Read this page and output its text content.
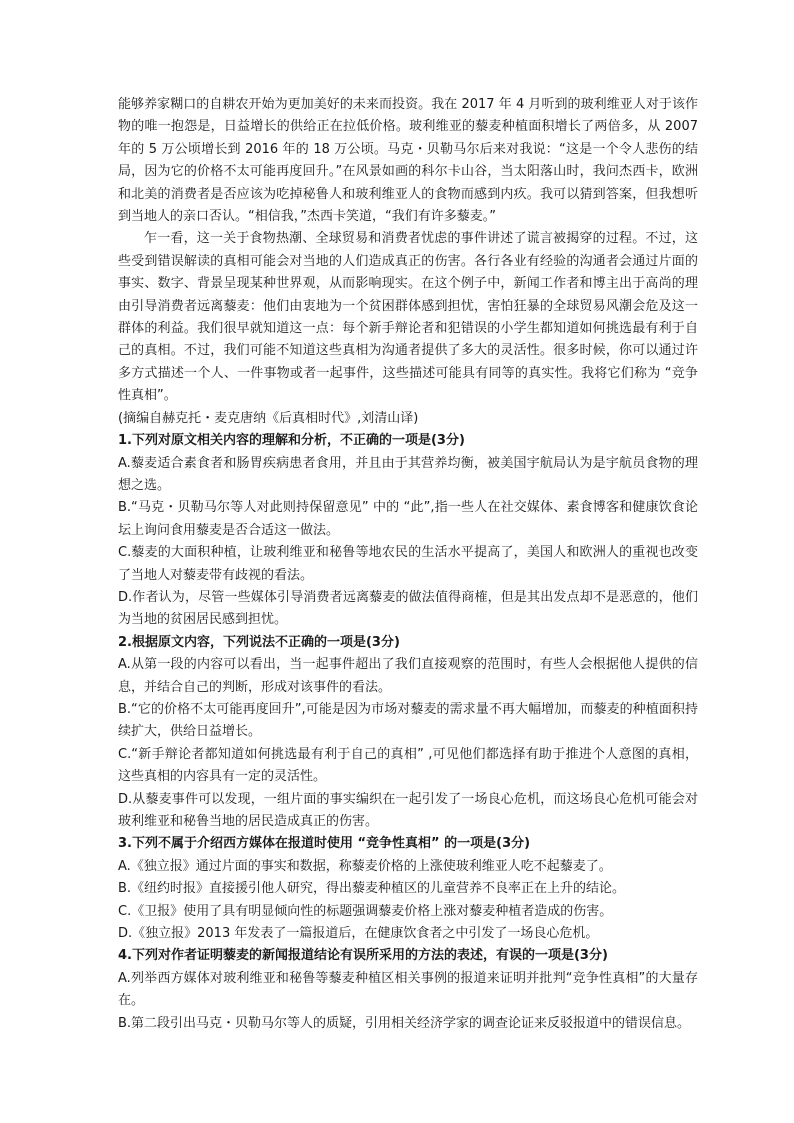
能够养家糊口的自耕农开始为更加美好的未来而投资。我在 2017 年 4 月听到的玻利维亚人对于该作物的唯一抱怨是，日益增长的供给正在拉低价格。玻利维亚的藜麦种植面积增长了两倍多，从 2007 年的 5 万公顷增长到 2016 年的 18 万公顷。马克・贝勒马尔后来对我说：“这是一个令人悲伤的结局，因为它的价格不太可能再度回升。”在风景如画的科尔卡山谷，当太阳落山时，我问杰西卡，欧洲和北美的消费者是否应该为吃掉秘鲁人和玻利维亚人的食物而感到内疚。我可以猜到答案，但我想听到当地人的亲口否认。“相信我，”杰西卡笑道，“我们有许多藜麦。”

乍一看，这一关于食物热潮、全球贸易和消费者忧虑的事件讲述了谎言被揭穿的过程。不过，这些受到错误解读的真相可能会对当地的人们造成真正的伤害。各行各业有经验的沟通者会通过片面的事实、数字、背景呈现某种世界观，从而影响现实。在这个例子中，新闻工作者和博主出于高尚的理由引导消费者远离藜麦：他们由衷地为一个贫困群体感到担忧，害怕狂暴的全球贸易风潮会危及这一群体的利益。我们很早就知道这一点：每个新手辩论者和犯错误的小学生都知道如何挑选最有利于自己的真相。不过，我们可能不知道这些真相为沟通者提供了多大的灵活性。很多时候，你可以通过许多方式描述一个人、一件事物或者一起事件，这些描述可能具有同等的真实性。我将它们称为 “竞争性真相”。

(摘编自赫克托・麦克唐纳《后真相时代》,刘清山译)

1.下列对原文相关内容的理解和分析，不正确的一项是(3分)

A.藜麦适合素食者和肠胃疾病患者食用，并且由于其营养均衡，被美国宇航局认为是宇航员食物的理想之选。

B.“马克・贝勒马尔等人对此则持保留意见” 中的 “此”,指一些人在社交媒体、素食博客和健康饮食论坛上询问食用藜麦是否合适这一做法。

C.藜麦的大面积种植，让玻利维亚和秘鲁等地农民的生活水平提高了，美国人和欧洲人的重视也改变了当地人对藜麦带有歧视的看法。

D.作者认为，尽管一些媒体引导消费者远离藜麦的做法值得商榷，但是其出发点却不是恶意的，他们为当地的贫困居民感到担忧。

2.根据原文内容，下列说法不正确的一项是(3分)

A.从第一段的内容可以看出，当一起事件超出了我们直接观察的范围时，有些人会根据他人提供的信息，并结合自己的判断，形成对该事件的看法。

B.“它的价格不太可能再度回升”,可能是因为市场对藜麦的需求量不再大幅增加，而藜麦的种植面积持续扩大，供给日益增长。

C.“新手辩论者都知道如何挑选最有利于自己的真相” ,可见他们都选择有助于推进个人意图的真相，这些真相的内容具有一定的灵活性。

D.从藜麦事件可以发现，一组片面的事实编织在一起引发了一场良心危机，而这场良心危机可能会对玻利维亚和秘鲁当地的居民造成真正的伤害。

3.下列不属于介绍西方媒体在报道时使用 “竞争性真相” 的一项是(3分)

A.《独立报》通过片面的事实和数据，称藜麦价格的上涨使玻利维亚人吃不起藜麦了。

B.《纽约时报》直接援引他人研究，得出藜麦种植区的儿童营养不良率正在上升的结论。

C.《卫报》使用了具有明显倾向性的标题强调藜麦价格上涨对藜麦种植者造成的伤害。

D.《独立报》2013 年发表了一篇报道后，在健康饮食者之中引发了一场良心危机。

4.下列对作者证明藜麦的新闻报道结论有误所采用的方法的表述，有误的一项是(3分)

A.列举西方媒体对玻利维亚和秘鲁等藜麦种植区相关事例的报道来证明并批判“竞争性真相”的大量存在。

B.第二段引出马克・贝勒马尔等人的质疑，引用相关经济学家的调查论证来反驳报道中的错误信息。
